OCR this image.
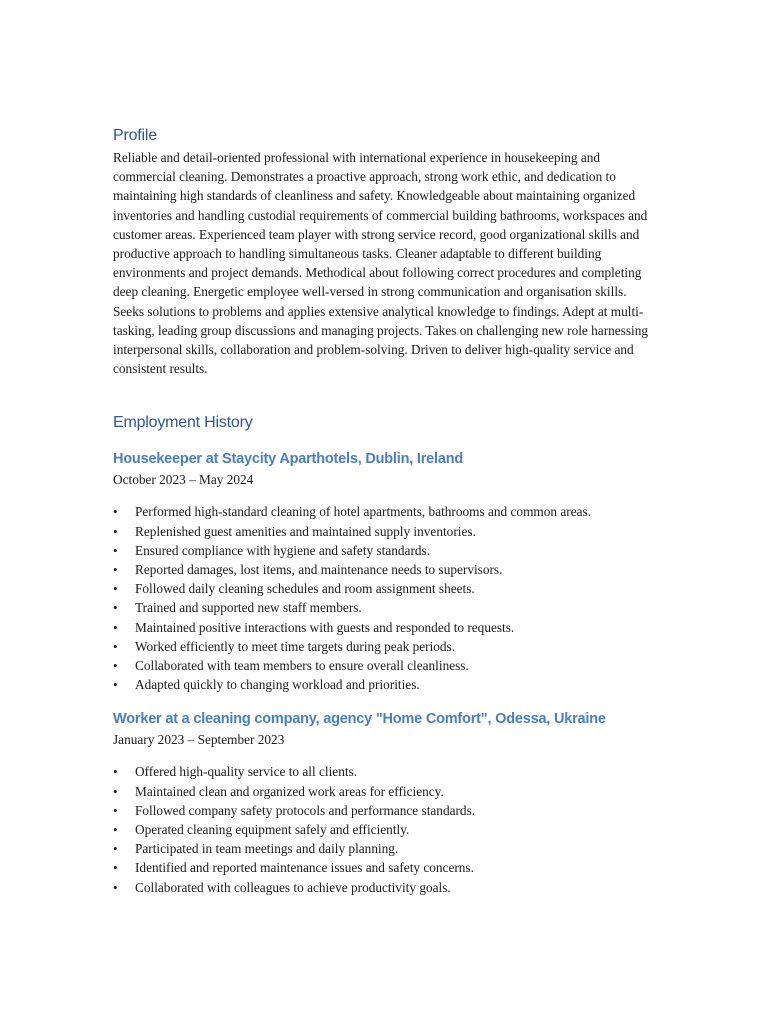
Profile

Reliable and detail-oriented professional with international experience in housekeeping and commercial cleaning. Demonstrates a proactive approach, strong work ethic, and dedication to maintaining high standards of cleanliness and safety. Knowledgeable about maintaining organized inventories and handling custodial requirements of commercial building bathrooms, workspaces and customer areas. Experienced team player with strong service record, good organizational skills and productive approach to handling simultaneous tasks. Cleaner adaptable to different building environments and project demands. Methodical about following correct procedures and completing deep cleaning. Energetic employee well-versed in strong communication and organisation skills. Seeks solutions to problems and applies extensive analytical knowledge to findings. Adept at multi-tasking, leading group discussions and managing projects. Takes on challenging new role harnessing interpersonal skills, collaboration and problem-solving. Driven to deliver high-quality service and consistent results.

Employment History
Housekeeper at Staycity Aparthotels, Dublin, Ireland

October 2023 – May 2024

• Performed high-standard cleaning of hotel apartments, bathrooms and common areas.
• Replenished guest amenities and maintained supply inventories.
• Ensured compliance with hygiene and safety standards.
• Reported damages, lost items, and maintenance needs to supervisors.
• Followed daily cleaning schedules and room assignment sheets.
• Trained and supported new staff members.
• Maintained positive interactions with guests and responded to requests.
• Worked efficiently to meet time targets during peak periods.
• Collaborated with team members to ensure overall cleanliness.
• Adapted quickly to changing workload and priorities.
Worker at a cleaning company, agency "Home Comfort", Odessa, Ukraine

January 2023 – September 2023

• Offered high-quality service to all clients.
• Maintained clean and organized work areas for efficiency.
• Followed company safety protocols and performance standards.
• Operated cleaning equipment safely and efficiently.
• Participated in team meetings and daily planning.
• Identified and reported maintenance issues and safety concerns.
• Collaborated with colleagues to achieve productivity goals.
